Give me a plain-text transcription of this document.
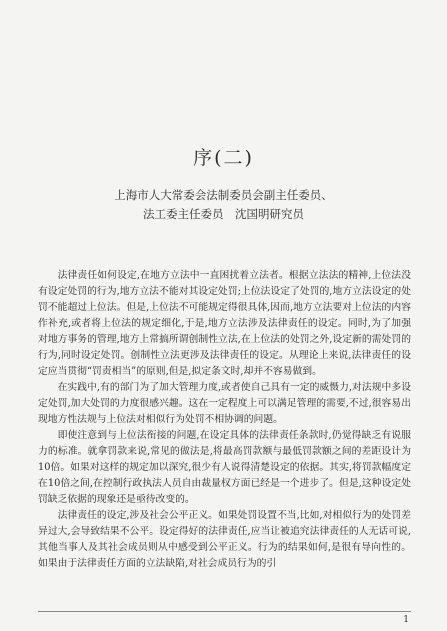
序(二)
上海市人大常委会法制委员会副主任委员、
法工委主任委员　沈国明研究员

法律责任如何设定,在地方立法中一直困扰着立法者。根据立法法的精神,上位法没有设定处罚的行为,地方立法不能对其设定处罚;上位法设定了处罚的,地方立法设定的处罚不能超过上位法。但是,上位法不可能规定得很具体,因而,地方立法要对上位法的内容作补充,或者将上位法的规定细化,于是,地方立法涉及法律责任的设定。同时,为了加强对地方事务的管理,地方上常搞所谓创制性立法,在上位法的处罚之外,设定新的需处罚的行为,同时设定处罚。创制性立法更涉及法律责任的设定。从理论上来说,法律责任的设定应当贯彻“罚责相当”的原则,但是,拟定条文时,却并不容易做到。

在实践中,有的部门为了加大管理力度,或者使自己具有一定的威慑力,对法规中多设定处罚,加大处罚的力度很感兴趣。这在一定程度上可以满足管理的需要,不过,很容易出现地方性法规与上位法对相似行为处罚不相协调的问题。

即使注意到与上位法衔接的问题,在设定具体的法律责任条款时,仍觉得缺乏有说服力的标准。就拿罚款来说,常见的做法是,将最高罚款额与最低罚款额之间的差距设计为10倍。如果对这样的规定加以深究,很少有人说得清楚设定的依据。其实,将罚款幅度定在10倍之间,在控制行政执法人员自由裁量权方面已经是一个进步了。但是,这种设定处罚缺乏依据的现象还是亟待改变的。

法律责任的设定,涉及社会公平正义。如果处罚设置不当,比如,对相似行为的处罚差异过大,会导致结果不公平。设定得好的法律责任,应当让被追究法律责任的人无话可说,其他当事人及其社会成员则从中感受到公平正义。行为的结果如何,是很有导向性的。如果由于法律责任方面的立法缺陷,对社会成员行为的引

1
